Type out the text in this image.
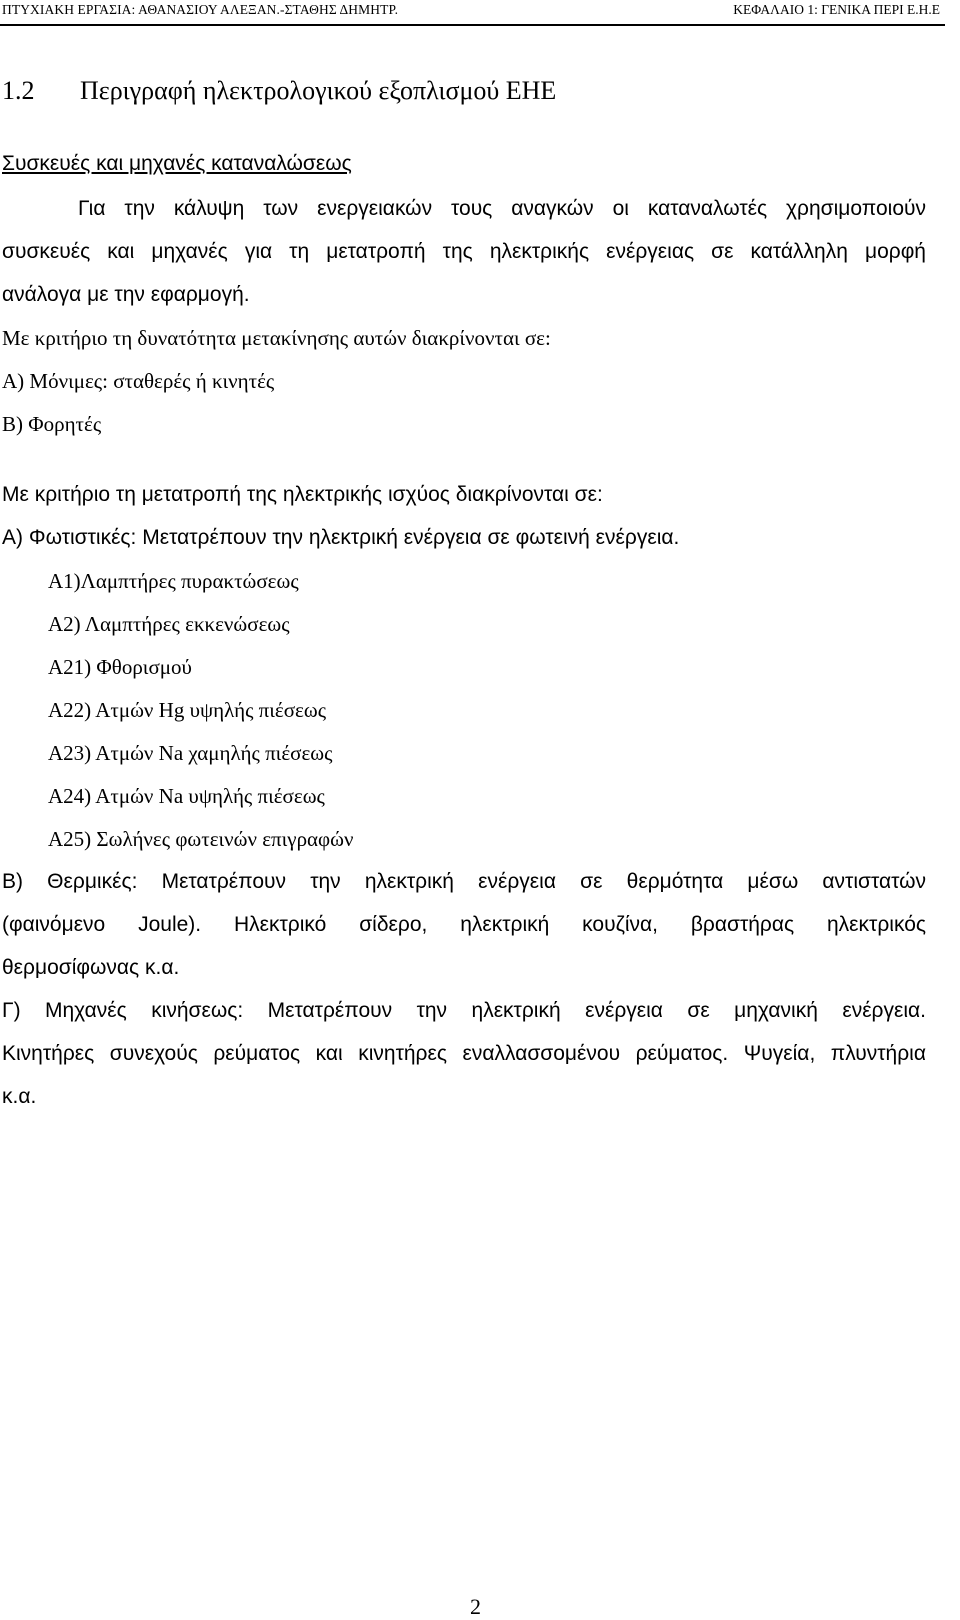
ΠΤΥΧΙΑΚΗ ΕΡΓΑΣΙΑ: ΑΘΑΝΑΣΙΟΥ ΑΛΕΞΑΝ.-ΣΤΑΘΗΣ ΔΗΜΗΤΡ.	ΚΕΦΑΛΑΙΟ 1: ΓΕΝΙΚΑ ΠΕΡΙ Ε.Η.Ε
1.2 Περιγραφή ηλεκτρολογικού εξοπλισμού ΕΗΕ
Συσκευές και μηχανές καταναλώσεως
Για την κάλυψη των ενεργειακών τους αναγκών οι καταναλωτές χρησιμοποιούν
συσκευές και μηχανές για τη μετατροπή της ηλεκτρικής ενέργειας σε κατάλληλη μορφή
ανάλογα με την εφαρμογή.
Με κριτήριο τη δυνατότητα μετακίνησης αυτών διακρίνονται σε:
Α) Μόνιμες: σταθερές ή κινητές
Β) Φορητές
Με κριτήριο τη μετατροπή της ηλεκτρικής ισχύος διακρίνονται σε:
Α) Φωτιστικές: Μετατρέπουν την ηλεκτρική ενέργεια σε φωτεινή ενέργεια.
Α1)Λαμπτήρες πυρακτώσεως
Α2) Λαμπτήρες εκκενώσεως
Α21) Φθορισμού
Α22) Ατμών Hg υψηλής πιέσεως
Α23) Ατμών Na χαμηλής πιέσεως
Α24) Ατμών Na υψηλής πιέσεως
Α25) Σωλήνες φωτεινών επιγραφών
Β) Θερμικές: Μετατρέπουν την ηλεκτρική ενέργεια σε θερμότητα μέσω αντιστατών
(φαινόμενο Joule). Ηλεκτρικό σίδερο, ηλεκτρική κουζίνα, βραστήρας ηλεκτρικός
θερμοσίφωνας κ.α.
Γ) Μηχανές κινήσεως: Μετατρέπουν την ηλεκτρική ενέργεια σε μηχανική ενέργεια.
Κινητήρες συνεχούς ρεύματος και κινητήρες εναλλασσομένου ρεύματος. Ψυγεία, πλυντήρια
κ.α.
2
